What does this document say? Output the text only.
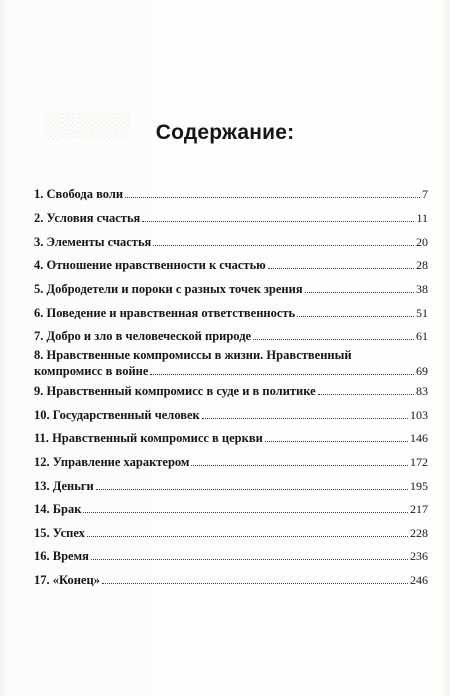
░░░░░	Содержание:
1. Свобода воли	7
2. Условия счастья	11
3. Элементы счастья	20
4. Отношение нравственности к счастью	28
5. Добродетели и пороки с разных точек зрения	38
6. Поведение и нравственная ответственность	51
7. Добро и зло в человеческой природе	61
8. Нравственные компромиссы в жизни. Нравственный
компромисс в войне	69
9. Нравственный компромисс в суде и в политике	83
10. Государственный человек	103
11. Нравственный компромисс в церкви	146
12. Управление характером	172
13. Деньги	195
14. Брак	217
15. Успех	228
16. Время	236
17. «Конец»	246
